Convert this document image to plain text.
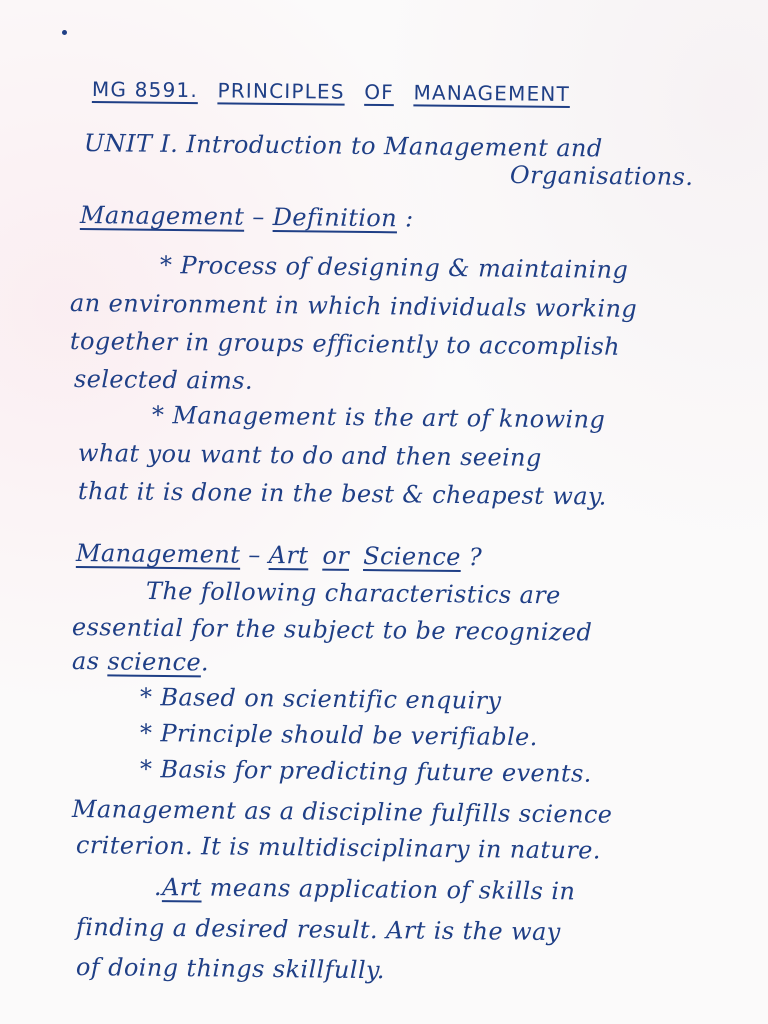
MG 8591. PRINCIPLES OF MANAGEMENT
UNIT I. Introduction to Management and
Organisations.
Management – Definition :
* Process of designing & maintaining
an environment in which individuals working
together in groups efficiently to accomplish
selected aims.
* Management is the art of knowing
what you want to do and then seeing
that it is done in the best & cheapest way.
Management – Art or Science ?
The following characteristics are
essential for the subject to be recognized
as science.
* Based on scientific enquiry
* Principle should be verifiable.
* Basis for predicting future events.
Management as a discipline fulfills science
criterion. It is multidisciplinary in nature.
.Art means application of skills in
finding a desired result. Art is the way
of doing things skillfully.
